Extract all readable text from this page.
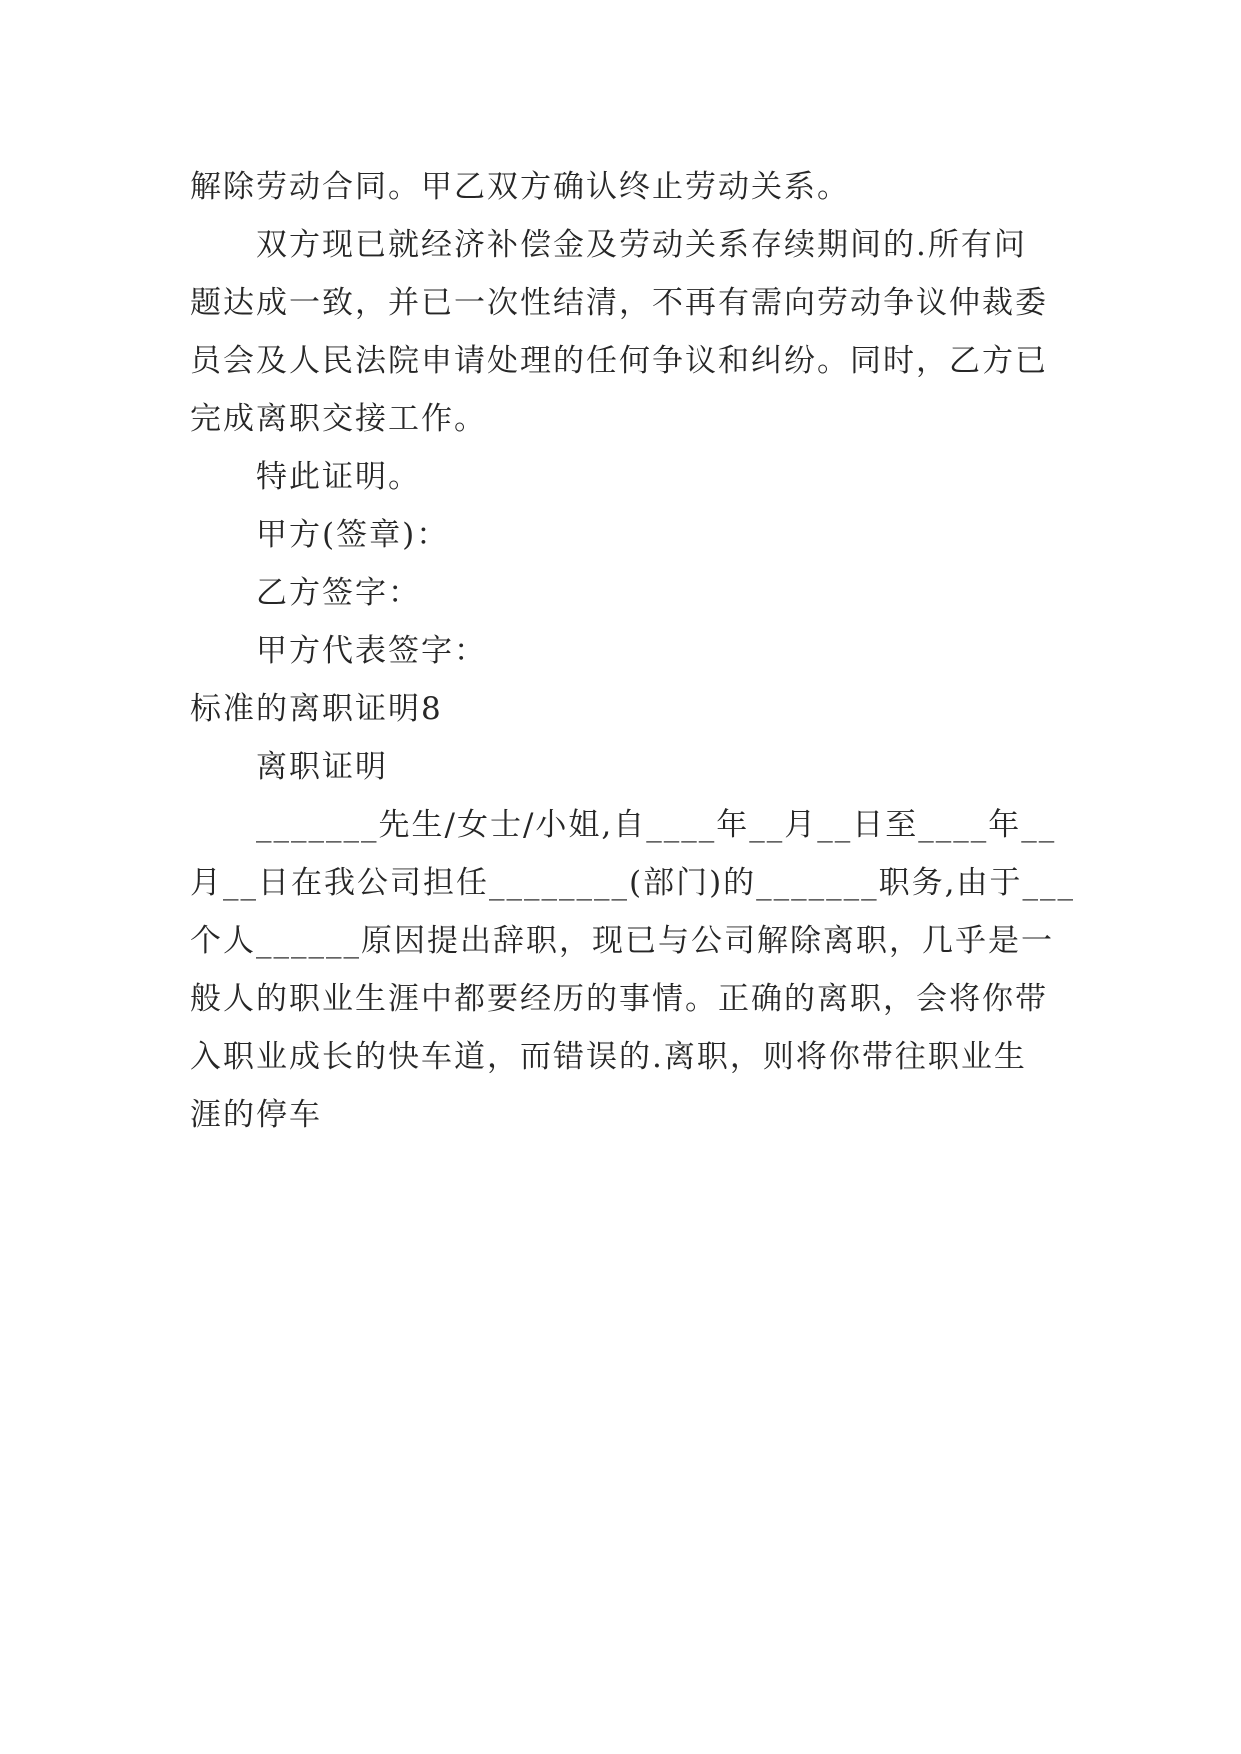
解除劳动合同。甲乙双方确认终止劳动关系。
双方现已就经济补偿金及劳动关系存续期间的.所有问
题达成一致，并已一次性结清，不再有需向劳动争议仲裁委
员会及人民法院申请处理的任何争议和纠纷。同时，乙方已
完成离职交接工作。
特此证明。
甲方(签章)：
乙方签字：
甲方代表签字：
标准的离职证明8
离职证明
_______先生/女士/小姐,自____年__月__日至____年__
月__日在我公司担任________(部门)的_______职务,由于___
个人______原因提出辞职，现已与公司解除离职，几乎是一
般人的职业生涯中都要经历的事情。正确的离职，会将你带
入职业成长的快车道，而错误的.离职，则将你带往职业生
涯的停车
